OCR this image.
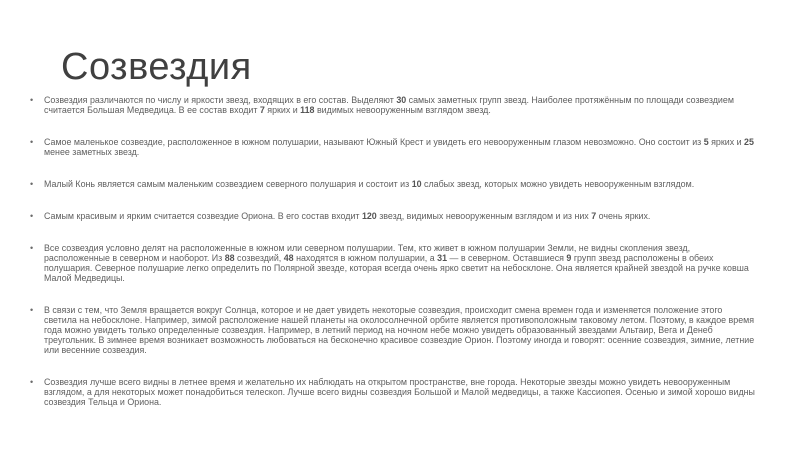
Созвездия
• Созвездия различаются по числу и яркости звезд, входящих в его состав. Выделяют 30 самых заметных групп звезд. Наиболее протяжённым по площади созвездием считается Большая Медведица. В ее состав входит 7 ярких и 118 видимых невооруженным взглядом звезд.
• Самое маленькое созвездие, расположенное в южном полушарии, называют Южный Крест и увидеть его невооруженным глазом невозможно. Оно состоит из 5 ярких и 25 менее заметных звезд.
• Малый Конь является самым маленьким созвездием северного полушария и состоит из 10 слабых звезд, которых можно увидеть невооруженным взглядом.
• Самым красивым и ярким считается созвездие Ориона. В его состав входит 120 звезд, видимых невооруженным взглядом и из них 7 очень ярких.
• Все созвездия условно делят на расположенные в южном или северном полушарии. Тем, кто живет в южном полушарии Земли, не видны скопления звезд, расположенные в северном и наоборот. Из 88 созвездий, 48 находятся в южном полушарии, а 31 — в северном. Оставшиеся 9 групп звезд расположены в обеих полушария. Северное полушарие легко определить по Полярной звезде, которая всегда очень ярко светит на небосклоне. Она является крайней звездой на ручке ковша Малой Медведицы.
• В связи с тем, что Земля вращается вокруг Солнца, которое и не дает увидеть некоторые созвездия, происходит смена времен года и изменяется положение этого светила на небосклоне. Например, зимой расположение нашей планеты на околосолнечной орбите является противоположным таковому летом. Поэтому, в каждое время года можно увидеть только определенные созвездия. Например, в летний период на ночном небе можно увидеть образованный звездами Альтаир, Вега и Денеб треугольник. В зимнее время возникает возможность любоваться на бесконечно красивое созвездие Орион. Поэтому иногда и говорят: осенние созвездия, зимние, летние или весенние созвездия.
• Созвездия лучше всего видны в летнее время и желательно их наблюдать на открытом пространстве, вне города. Некоторые звезды можно увидеть невооруженным взглядом, а для некоторых может понадобиться телескоп. Лучше всего видны созвездия Большой и Малой медведицы, а также Кассиопея. Осенью и зимой хорошо видны созвездия Тельца и Ориона.
